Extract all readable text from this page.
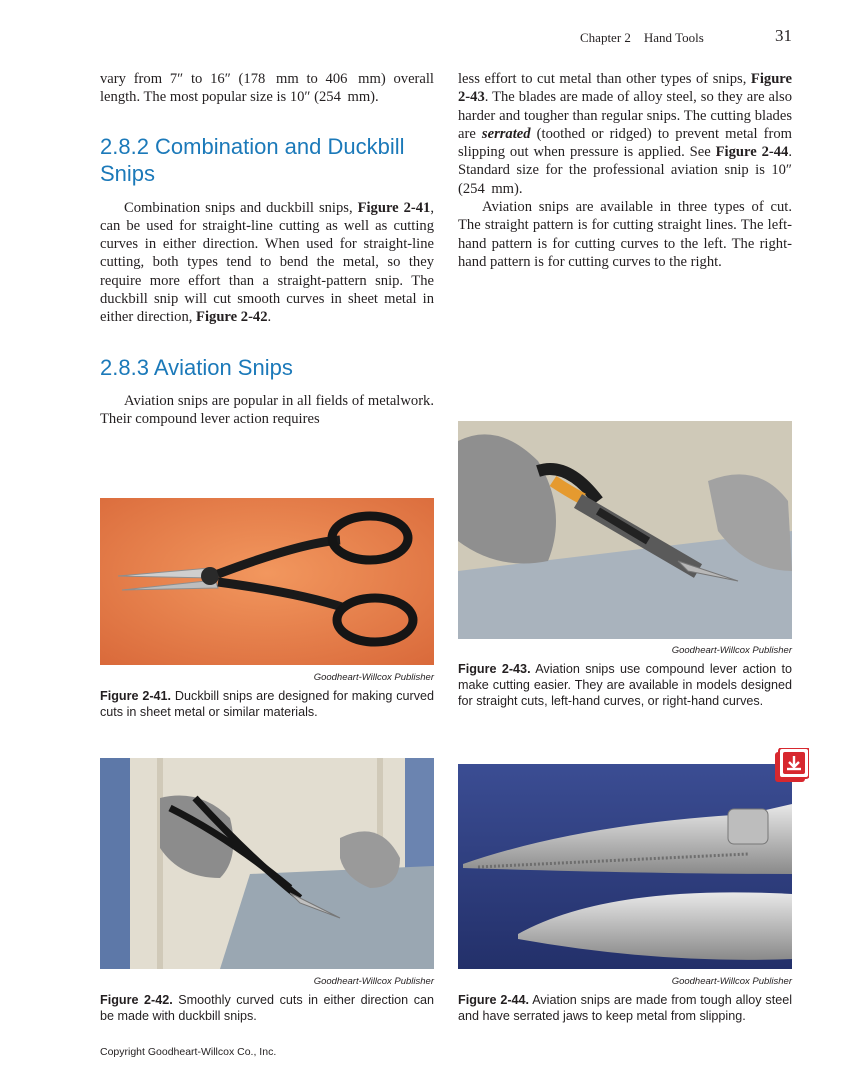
Chapter 2 Hand Tools	31

vary from 7″ to 16″ (178  mm to 406  mm) overall length. The most popular size is 10″ (254  mm).

2.8.2 Combination and Duckbill Snips

Combination snips and duckbill snips, Figure 2-41, can be used for straight-line cutting as well as cutting curves in either direction. When used for straight-line cutting, both types tend to bend the metal, so they require more effort than a straight-pattern snip. The duckbill snip will cut smooth curves in sheet metal in either direction, Figure 2-42.

2.8.3 Aviation Snips

Aviation snips are popular in all fields of metalwork. Their compound lever action requires

less effort to cut metal than other types of snips, Figure 2-43. The blades are made of alloy steel, so they are also harder and tougher than regular snips. The cutting blades are serrated (toothed or ridged) to prevent metal from slipping out when pressure is applied. See Figure 2-44. Standard size for the professional aviation snip is 10″ (254  mm).

Aviation snips are available in three types of cut. The straight pattern is for cutting straight lines. The left-hand pattern is for cutting curves to the left. The right-hand pattern is for cutting curves to the right.

Goodheart-Willcox Publisher
Figure 2-41. Duckbill snips are designed for making curved cuts in sheet metal or similar materials.
Goodheart-Willcox Publisher
Figure 2-42. Smoothly curved cuts in either direction can be made with duckbill snips.
Goodheart-Willcox Publisher
Figure 2-43. Aviation snips use compound lever action to make cutting easier. They are available in models designed for straight cuts, left-hand curves, or right-hand curves.
Goodheart-Willcox Publisher
Figure 2-44. Aviation snips are made from tough alloy steel and have serrated jaws to keep metal from slipping.
Copyright Goodheart-Willcox Co., Inc.
